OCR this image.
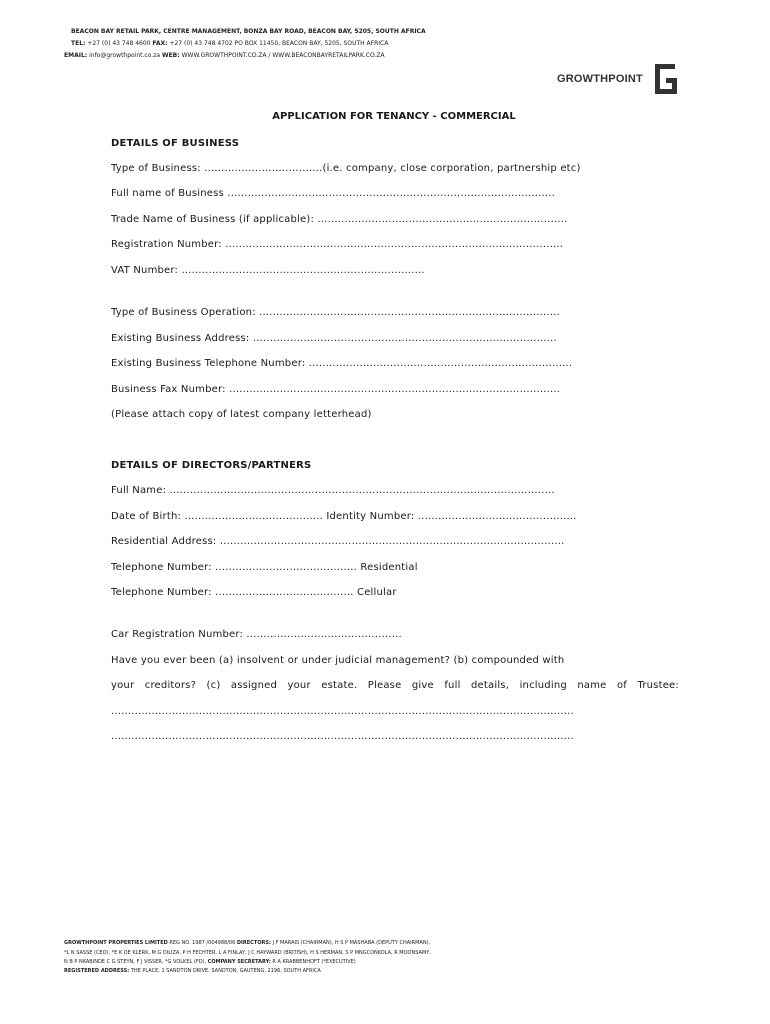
BEACON BAY RETAIL PARK, CENTRE MANAGEMENT, BONZA BAY ROAD, BEACON BAY, 5205, SOUTH AFRICA
TEL: +27 (0) 43 748 4600 FAX: +27 (0) 43 748 4702 PO BOX 11450, BEACON BAY, 5205, SOUTH AFRICA
EMAIL: info@growthpoint.co.za WEB: WWW.GROWTHPOINT.CO.ZA / WWW.BEACONBAYRETAILPARK.CO.ZA
GROWTHPOINT
APPLICATION FOR TENANCY - COMMERCIAL
DETAILS OF BUSINESS
Type of Business: ...................................(i.e. company, close corporation, partnership etc)
Full name of Business .................................................................................................
Trade Name of Business (if applicable): ..........................................................................
Registration Number: ....................................................................................................
VAT Number: ........................................................................
Type of Business Operation: .........................................................................................
Existing Business Address: ..........................................................................................
Existing Business Telephone Number: ..............................................................................
Business Fax Number: ..................................................................................................
(Please attach copy of latest company letterhead)
DETAILS OF DIRECTORS/PARTNERS
Full Name: ..................................................................................................................
Date of Birth: ......................................... Identity Number: ...............................................
Residential Address: ......................................................................................................
Telephone Number: .......................................... Residential
Telephone Number: ......................................... Cellular
Car Registration Number: ..............................................
Have you ever been (a) insolvent or under judicial management? (b) compounded with
your creditors? (c) assigned your estate. Please give full details, including name of Trustee:
.........................................................................................................................................
.........................................................................................................................................
GROWTHPOINT PROPERTIES LIMITED REG NO. 1987 /004988/06 DIRECTORS: J F MARAIS (CHAIRMAN), H S P MASHABA (DEPUTY CHAIRMAN),
*L N SASSE (CEO), *E K DE KLERK, M G DILIZA, P H FECHTER, L A FINLAY, J C HAYWARD (BRITISH), H S HERMAN, S P MNGCONKOLA, R MOONSAMY,
N B P NKABINDE C G STEYN, F J VISSER, *G VOLKEL (FD), COMPANY SECRETARY: R A KRABBENHOFT (*EXECUTIVE)
REGISTERED ADDRESS: THE PLACE, 1 SANDTON DRIVE, SANDTON, GAUTENG, 2196, SOUTH AFRICA
